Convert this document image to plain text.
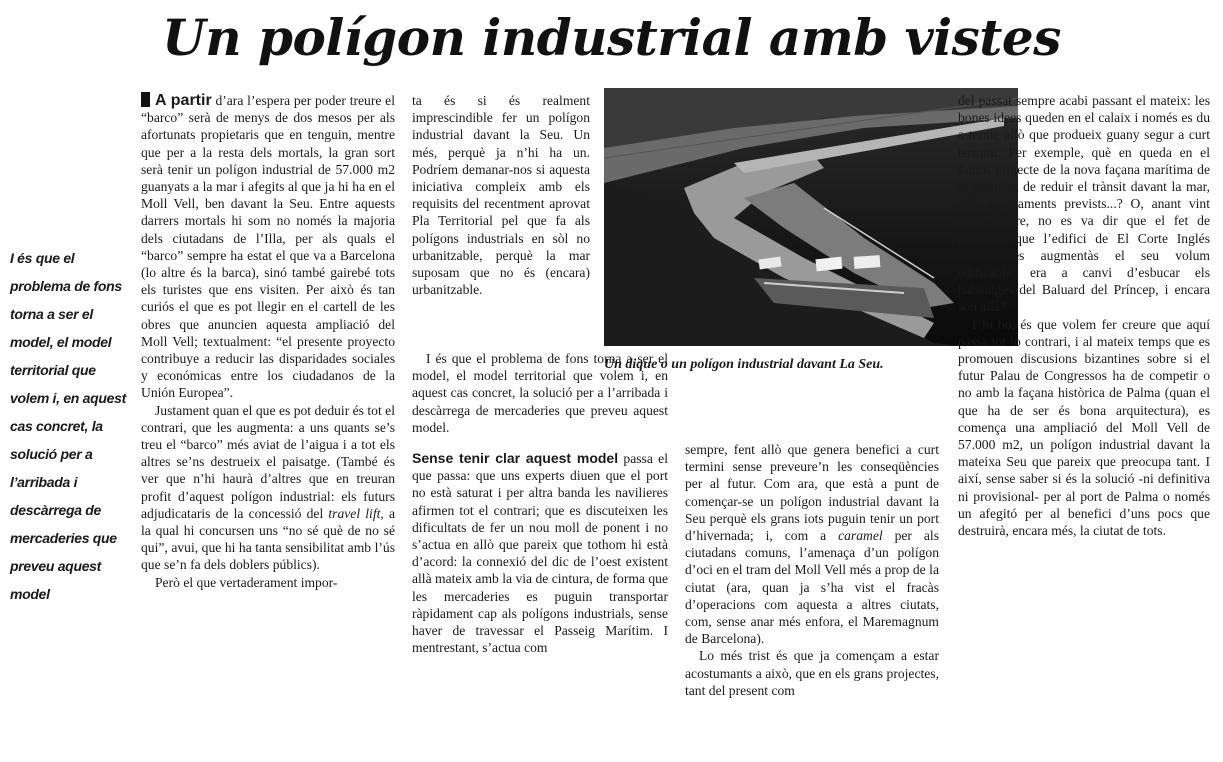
Un polígon industrial amb vistes
I és que el problema de fons torna a ser el model, el model territorial que volem i, en aquest cas concret, la solució per a l’arribada i descàrrega de mercaderies que preveu aquest model

A partir d’ara l’espera per poder treure el “barco” serà de menys de dos mesos per als afortunats propietaris que en tenguin, mentre que per a la resta dels mortals, la gran sort serà tenir un polígon industrial de 57.000 m2 guanyats a la mar i afegits al que ja hi ha en el Moll Vell, ben davant la Seu. Entre aquests darrers mortals hi som no només la majoria dels ciutadans de l’Illa, per als quals el “barco” sempre ha estat el que va a Barcelona (lo altre és la barca), sinó també gairebé tots els turistes que ens visiten. Per això és tan curiós el que es pot llegir en el cartell de les obres que anuncien aquesta ampliació del Moll Vell; textualment: “el presente proyecto contribuye a reducir las disparidades sociales y económicas entre los ciudadanos de la Unión Europea”.

Justament quan el que es pot deduir és tot el contrari, que les augmenta: a uns quants se’s treu el “barco” més aviat de l’aigua i a tot els altres se’ns destrueix el paisatge. (També és ver que n’hi haurà d’altres que en treuran profit d’aquest polígon industrial: els futurs adjudicataris de la concessió del travel lift, a la qual hi concursen uns “no sé què de no sé qui”, avui, que hi ha tanta sensibilitat amb l’ús que se’n fa dels doblers públics).

Però el que vertaderament impor-

ta és si és realment imprescindible fer un polígon industrial davant la Seu. Un més, perquè ja n’hi ha un. Podríem demanar-nos si aquesta iniciativa compleix amb els requisits del recentment aprovat Pla Territorial pel que fa als polígons industrials en sòl no urbanitzable, perquè la mar suposam que no és (encara) urbanitzable.

I és que el problema de fons torna a ser el model, el model territorial que volem i, en aquest cas concret, la solució per a l’arribada i descàrrega de mercaderies que preveu aquest model.

Sense tenir clar aquest model passa el que passa: que uns experts diuen que el port no està saturat i per altra banda les navilieres afirmen tot el contrari; que es discuteixen les dificultats de fer un nou moll de ponent i no s’actua en allò que pareix que tothom hi està d’acord: la connexió del dic de l’oest existent allà mateix amb la via de cintura, de forma que les mercaderies es puguin transportar ràpidament cap als polígons industrials, sense haver de travessar el Passeig Marítim. I mentrestant, s’actua com

Un dique o un polígon industrial davant La Seu.

sempre, fent allò que genera benefici a curt termini sense preveure’n les conseqüències per al futur. Com ara, que està a punt de començar-se un polígon industrial davant la Seu perquè els grans iots puguin tenir un port d’hivernada; i, com a caramel per als ciutadans comuns, l’amenaça d’un polígon d’oci en el tram del Moll Vell més a prop de la ciutat (ara, quan ja s’ha vist el fracàs d’operacions com aquesta a altres ciutats, com, sense anar més enfora, el Maremagnum de Barcelona).

Lo més trist és que ja començam a estar acostumants a això, que en els grans projectes, tant del present com

del passat sempre acabi passant el mateix: les bones idees queden en el calaix i només es du a terme allò que produeix guany segur a curt termini. Per exemple, què en queda en el famós projecte de la nova façana marítima de la promesa de reduir el trànsit davant la mar, dels equipaments prevists...? O, anant vint anys enrere, no es va dir que el fet de permetre que l’edifici de El Corte Inglés d’avingudes augmentàs el seu volum edificable, era a canvi d’esbucar els habitatges del Baluard del Príncep, i encara son allà?

I lo bo, és que volem fer creure que aquí passa tot lo contrari, i al mateix temps que es promouen discusions bizantines sobre si el futur Palau de Congressos ha de competir o no amb la façana històrica de Palma (quan el que ha de ser és bona arquitectura), es comença una ampliació del Moll Vell de 57.000 m2, un polígon industrial davant la mateixa Seu que pareix que preocupa tant. I així, sense saber si és la solució -ni definitiva ni provisional- per al port de Palma o només un afegitó per al benefici d’uns pocs que destruirà, encara més, la ciutat de tots.
